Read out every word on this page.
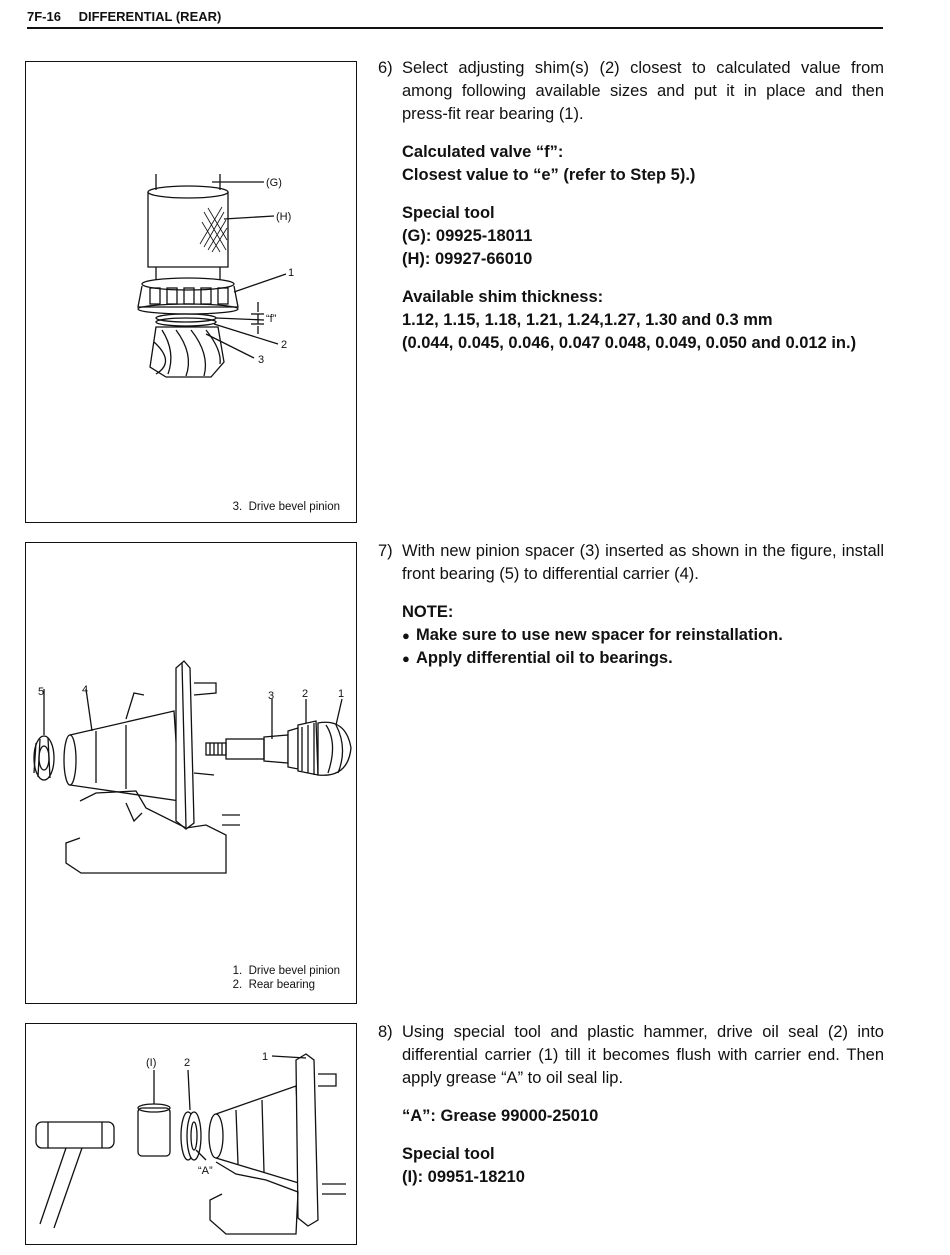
7F-16 DIFFERENTIAL (REAR)
(G)
(H)
1
“f”
2
3
3. Drive bevel pinion
5	4	3	2	1
1. Drive bevel pinion
2. Rear bearing
(I)	2	1
“A”
6) Select adjusting shim(s) (2) closest to calculated value from among following available sizes and put it in place and then press-fit rear bearing (1).
Calculated valve “f”:
Closest value to “e” (refer to Step 5).)
Special tool
(G): 09925-18011
(H): 09927-66010
Available shim thickness:
1.12, 1.15, 1.18, 1.21, 1.24,1.27, 1.30 and 0.3 mm
(0.044, 0.045, 0.046, 0.047 0.048, 0.049, 0.050 and 0.012 in.)
7) With new pinion spacer (3) inserted as shown in the figure, install front bearing (5) to differential carrier (4).
NOTE:
● Make sure to use new spacer for reinstallation.
● Apply differential oil to bearings.
8) Using special tool and plastic hammer, drive oil seal (2) into differential carrier (1) till it becomes flush with carrier end. Then apply grease “A” to oil seal lip.
“A”: Grease 99000-25010
Special tool
(I): 09951-18210
